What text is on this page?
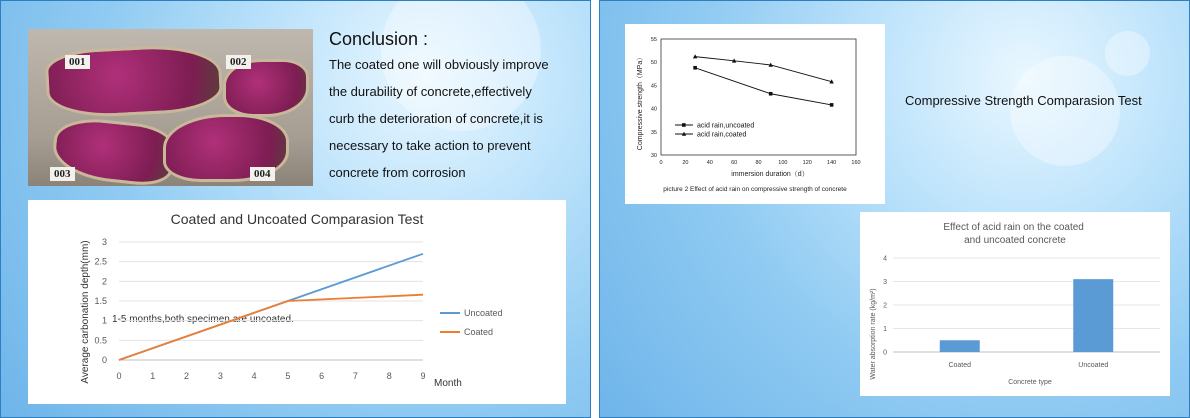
001	002
003	004
Conclusion :
The coated one will obviously improve
the durability of concrete,effectively
curb the deterioration of concrete,it is
necessary to take action to prevent
concrete from corrosion
Coated and Uncoated Comparasion Test
Average carbonation depth(mm)	Month
1-5 months,both specimen are uncoated.
0
0.5
1
1.5
2
2.5
3
0	1	2	3	4	5	6	7	8	9
Uncoated
Coated
Compressive strength（MPa）
immersion duration（d）
picture 2 Effect of acid rain on compressive strength of concrete
30
35
40
45
50
55
0	20	40	60	80	100	120	140	160
acid rain,uncoated
acid rain,coated
Effect of acid rain on the coated and uncoated concrete
Water absorption rate (kg/m²)
Concrete type
0
1
2
3
4
Coated	Uncoated
Compressive Strength Comparasion Test
